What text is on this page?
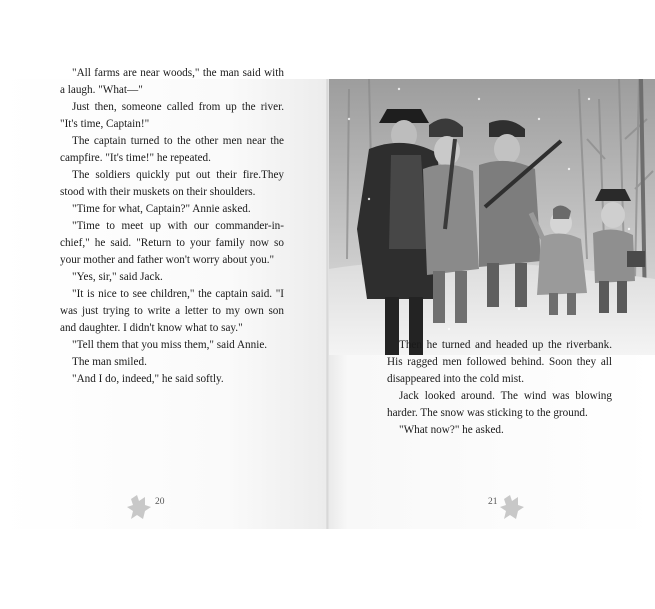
"All farms are near woods," the man said with a laugh. "What—"

Just then, someone called from up the river. "It's time, Captain!"

The captain turned to the other men near the campfire. "It's time!" he repeated.

The soldiers quickly put out their fire.They stood with their muskets on their shoulders.

"Time for what, Captain?" Annie asked.

"Time to meet up with our commander-in-chief," he said. "Return to your family now so your mother and father won't worry about you."

"Yes, sir," said Jack.

"It is nice to see children," the captain said. "I was just trying to write a letter to my own son and daughter. I didn't know what to say."

"Tell them that you miss them," said Annie.

The man smiled.

"And I do, indeed," he said softly.

Then he turned and headed up the riverbank. His ragged men followed behind. Soon they all disappeared into the cold mist.

Jack looked around. The wind was blowing harder. The snow was sticking to the ground.

"What now?" he asked.

20	21
